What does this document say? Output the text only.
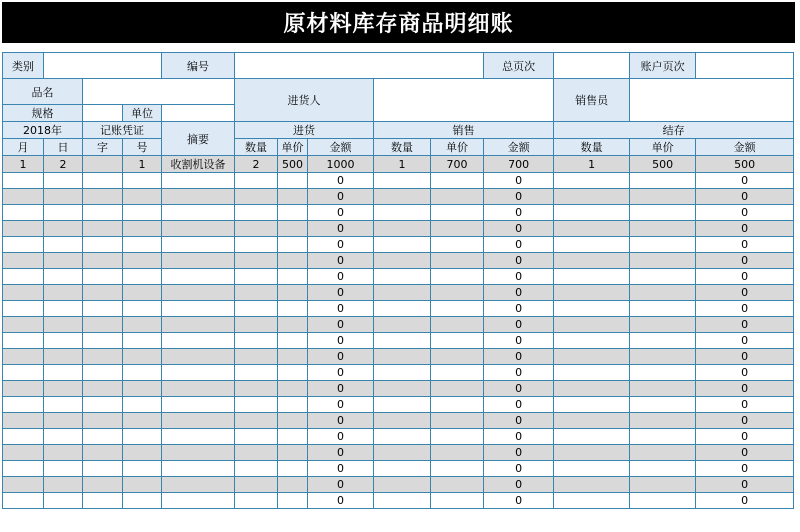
原材料库存商品明细账
类别				编号						总页次		账户页次	
品名					进货人						销售员		
规格			单位										
2018年		记账凭证		摘要	进货			销售			结存		
月	日	字	号		数量	单价	金额	数量	单价	金额	数量	单价	金额
1	2		1	收割机设备	2	500	1000	1	700	700	1	500	500
							0			0			0
							0			0			0
							0			0			0
							0			0			0
							0			0			0
							0			0			0
							0			0			0
							0			0			0
							0			0			0
							0			0			0
							0			0			0
							0			0			0
							0			0			0
							0			0			0
							0			0			0
							0			0			0
							0			0			0
							0			0			0
							0			0			0
							0			0			0
							0			0			0
